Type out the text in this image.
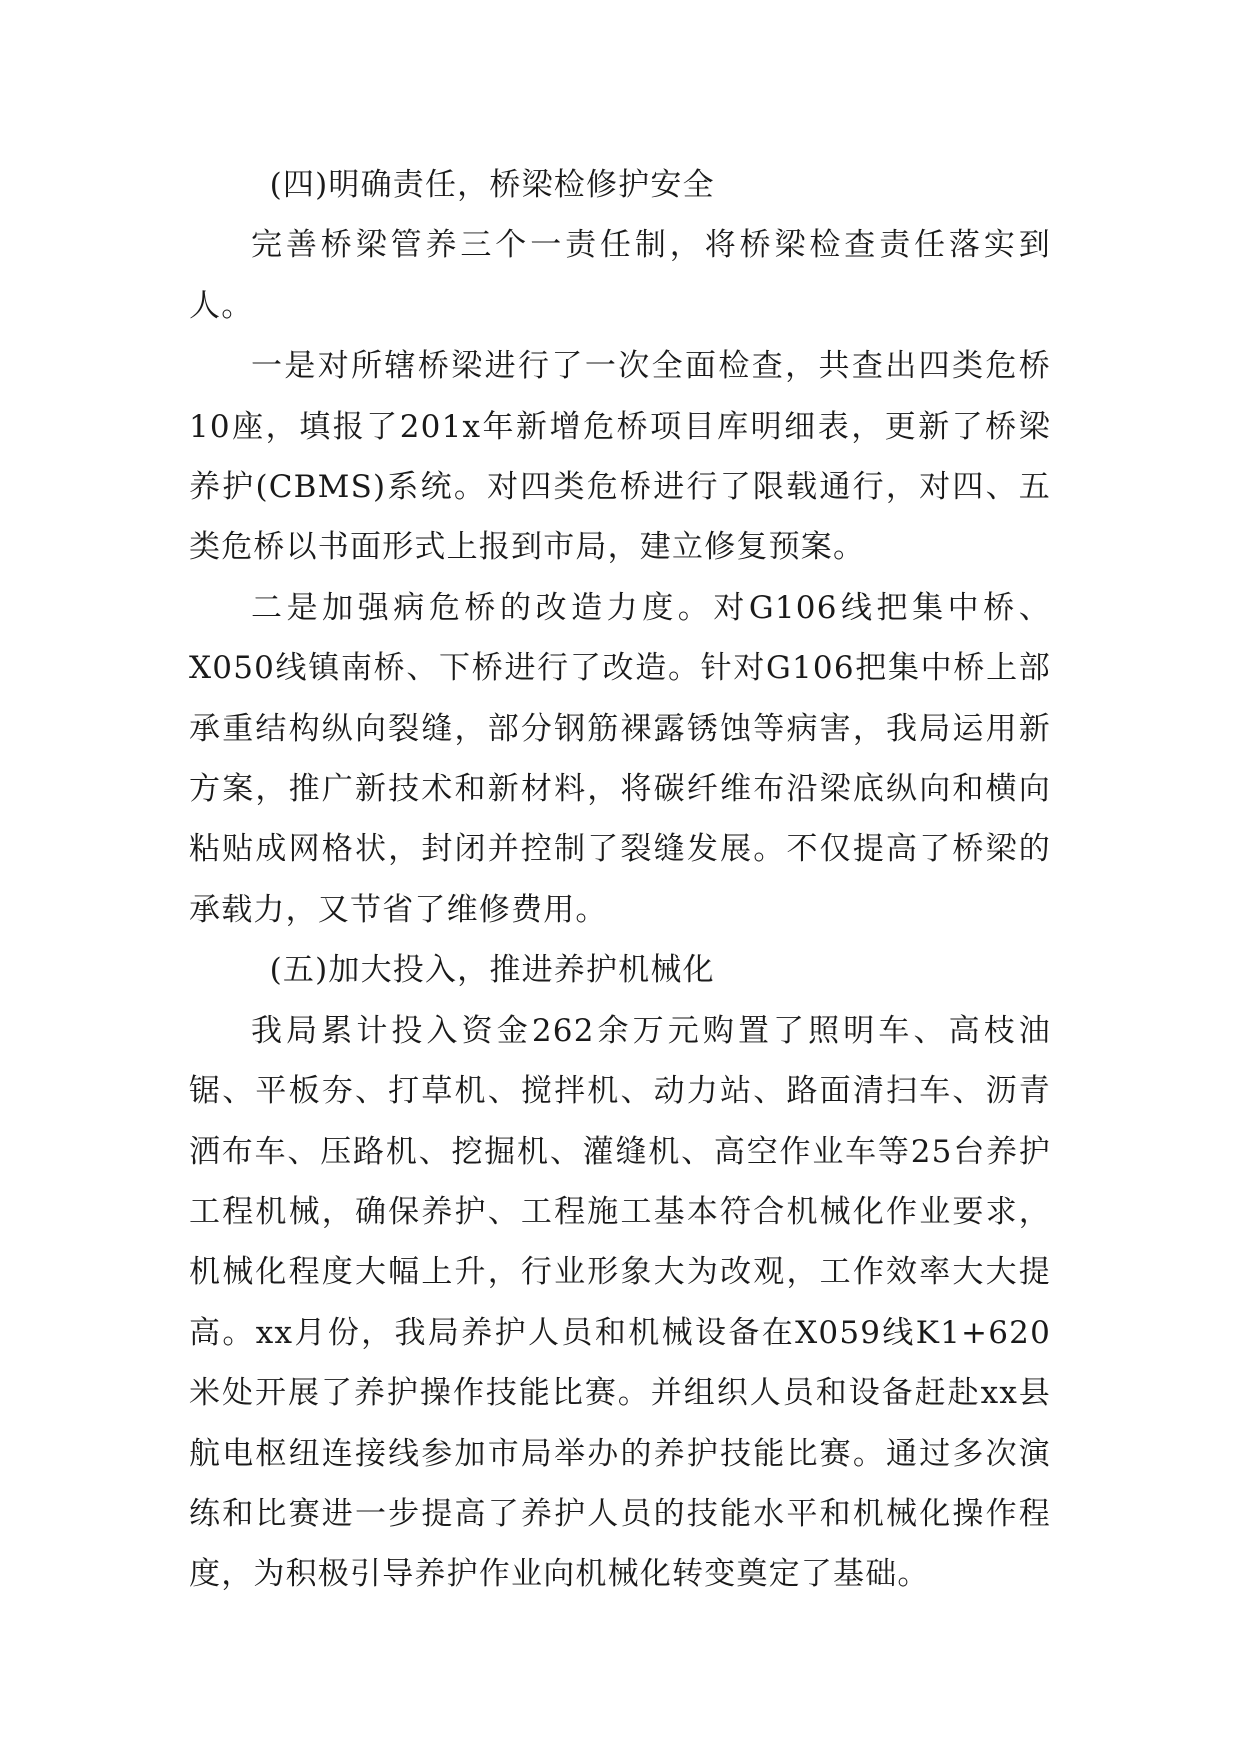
(四)明确责任，桥梁检修护安全

完善桥梁管养三个一责任制，将桥梁检查责任落实到人。

一是对所辖桥梁进行了一次全面检查，共查出四类危桥10座，填报了201x年新增危桥项目库明细表，更新了桥梁养护(CBMS)系统。对四类危桥进行了限载通行，对四、五类危桥以书面形式上报到市局，建立修复预案。

二是加强病危桥的改造力度。对G106线把集中桥、X050线镇南桥、下桥进行了改造。针对G106把集中桥上部承重结构纵向裂缝，部分钢筋裸露锈蚀等病害，我局运用新方案，推广新技术和新材料，将碳纤维布沿梁底纵向和横向粘贴成网格状，封闭并控制了裂缝发展。不仅提高了桥梁的承载力，又节省了维修费用。

(五)加大投入，推进养护机械化

我局累计投入资金262余万元购置了照明车、高枝油锯、平板夯、打草机、搅拌机、动力站、路面清扫车、沥青洒布车、压路机、挖掘机、灌缝机、高空作业车等25台养护工程机械，确保养护、工程施工基本符合机械化作业要求，机械化程度大幅上升，行业形象大为改观，工作效率大大提高。xx月份，我局养护人员和机械设备在X059线K1+620米处开展了养护操作技能比赛。并组织人员和设备赶赴xx县航电枢纽连接线参加市局举办的养护技能比赛。通过多次演练和比赛进一步提高了养护人员的技能水平和机械化操作程度，为积极引导养护作业向机械化转变奠定了基础。
